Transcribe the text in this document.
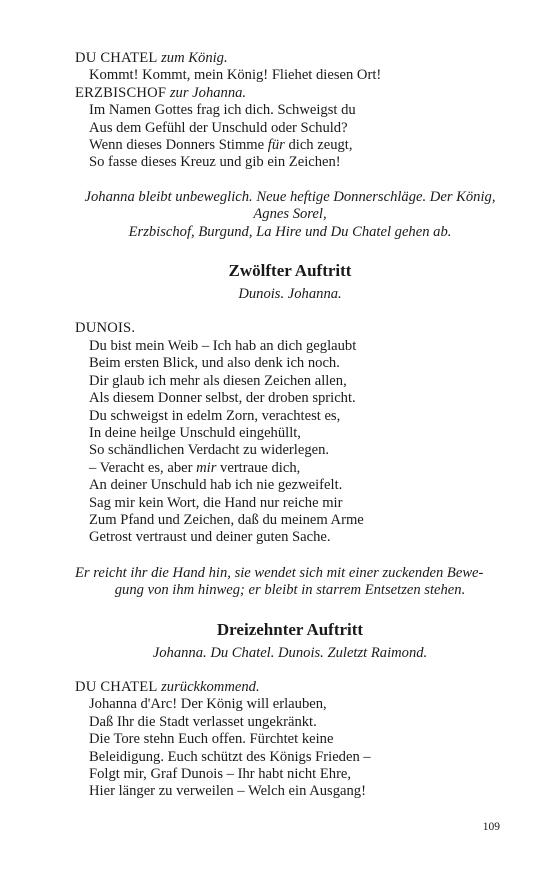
DU CHATEL zum König.
Kommt! Kommt, mein König! Fliehet diesen Ort!
ERZBISCHOF zur Johanna.
Im Namen Gottes frag ich dich. Schweigst du
Aus dem Gefühl der Unschuld oder Schuld?
Wenn dieses Donners Stimme für dich zeugt,
So fasse dieses Kreuz und gib ein Zeichen!

Johanna bleibt unbeweglich. Neue heftige Donnerschläge. Der König,
Agnes Sorel,
Erzbischof, Burgund, La Hire und Du Chatel gehen ab.

Zwölfter Auftritt
Dunois. Johanna.
DUNOIS.
Du bist mein Weib – Ich hab an dich geglaubt
Beim ersten Blick, und also denk ich noch.
Dir glaub ich mehr als diesen Zeichen allen,
Als diesem Donner selbst, der droben spricht.
Du schweigst in edelm Zorn, verachtest es,
In deine heilge Unschuld eingehüllt,
So schändlichen Verdacht zu widerlegen.
– Veracht es, aber mir vertraue dich,
An deiner Unschuld hab ich nie gezweifelt.
Sag mir kein Wort, die Hand nur reiche mir
Zum Pfand und Zeichen, daß du meinem Arme
Getrost vertraust und deiner guten Sache.

Er reicht ihr die Hand hin, sie wendet sich mit einer zuckenden Bewe-
gung von ihm hinweg; er bleibt in starrem Entsetzen stehen.

Dreizehnter Auftritt
Johanna. Du Chatel. Dunois. Zuletzt Raimond.
DU CHATEL zurückkommend.
Johanna d'Arc! Der König will erlauben,
Daß Ihr die Stadt verlasset ungekränkt.
Die Tore stehn Euch offen. Fürchtet keine
Beleidigung. Euch schützt des Königs Frieden –
Folgt mir, Graf Dunois – Ihr habt nicht Ehre,
Hier länger zu verweilen – Welch ein Ausgang!
109
